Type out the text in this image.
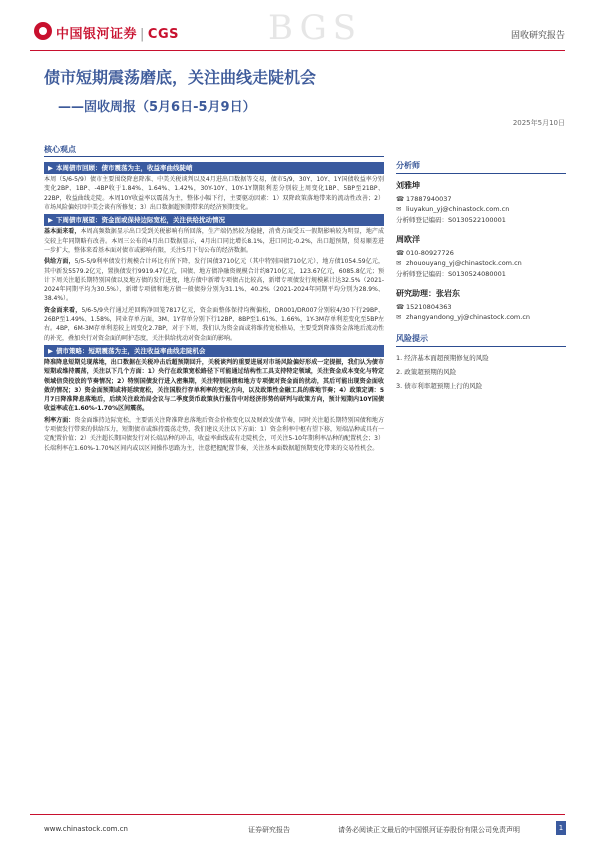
中国银河证券 | CGS	BGS	固收研究报告
债市短期震荡磨底，关注曲线走陡机会
——固收周报（5月6日-5月9日）
2025年5月10日
核心观点
▶ 本周债市回顾：债市震荡为主，收益率曲线陡峭
本周（5/6-5/9）债市主要围绕降息降准、中美关税谈判以及4月进出口数据等交易，债市5/9，30Y、10Y、1Y国债收益率分别变化2BP、1BP、-4BP收于1.84%、1.64%、1.42%，30Y-10Y、10Y-1Y期限利差分别较上周变化1BP、5BP至21BP、22BP，收益曲线走陡。本周10Y收益率以震荡为主，整体小幅下行，主要驱动因素：1）双降政策落地带来的流动性改善；2）市场风险偏好因中美会谈有所修复；3）出口数据超预期带来的经济预期变化。
▶ 下周债市展望：资金面或保持边际宽松，关注供给扰动情况
基本面来看，本周高频数据显示出口受到关税影响有所回落，生产端仍然较为稳健，消费方面受五一假期影响较为明显，地产成交较上年同期略有改善。本周三公布的4月出口数据显示，4月出口同比增长8.1%，进口同比-0.2%，出口超预期，贸易顺差进一步扩大，整体来看基本面对债市或影响有限，关注5月下旬公布的经济数据。
供给方面，5/5-5/9利率债发行规模合计环比有所下降，发行国债3710亿元（其中特别国债710亿元），地方债1054.59亿元，其中新发5579.2亿元，置换债发行9919.47亿元，国债、地方债净融资规模合计约8710亿元，123.67亿元，6085.8亿元；预计下周关注超长期特别国债以及地方债的发行进度，地方债中新增专项债占比较高，新增专项债发行规模累计达32.5%（2021-2024年同期平均为30.5%），新增专项债和地方债一般债券分别为31.1%、40.2%（2021-2024年同期平均分别为28.9%、38.4%）。
资金面来看，5/6-5/9央行通过逆回购净回笼7817亿元，资金面整体保持均衡偏松，DR001/DR007分别较4/30下行29BP、26BP至1.49%、1.58%，同业存单方面，3M、1Y存单分别下行12BP、8BP至1.61%、1.66%，1Y-3M存单利差变化至5BP左右。4BP，6M-3M存单利差较上周变化2.7BP，对于下周，我们认为资金面或将维持宽松格局，主要受到降准资金落地后流动性的补充，叠加央行对资金面的呵护态度，关注供给扰动对资金面的影响。
▶ 债市策略：短期震荡为主，关注收益率曲线走陡机会
降准降息短期兑现落地，出口数据在关税冲击后超预期回升，关税谈判的重要进展对市场风险偏好形成一定提振，我们认为债市短期或维持震荡，关注以下几个方面：1）央行在政策宽松路径下可能通过结构性工具支持特定领域，关注资金成本变化与特定领域信贷投放的节奏情况；2）特别国债发行进入密集期，关注特别国债和地方专项债对资金面的扰动，其后可能出现资金面收敛的情况；3）资金面预期或将延续宽松，关注国股行存单利率的变化方向，以及政策性金融工具的落地节奏；4）政策定调：5月7日降准降息落地后，后续关注政治局会议与二季度货币政策执行报告中对经济形势的研判与政策方向，预计短期内10Y国债收益率或在1.60%-1.70%区间震荡。
利率方面：资金面维持边际宽松，主要需关注降准降息落地后资金价格变化以及财政发债节奏，同时关注超长期特别国债和地方专项债发行带来的供给压力，短期债市或维持震荡走势，我们建议关注以下方面：1）资金利率中枢有望下移，短端品种或具有一定配置价值；2）关注超长期国债发行对长端品种的冲击，收益率曲线或有走陡机会，可关注5-10年期利率品种的配置机会；3）长端利率在1.60%-1.70%区间内或以区间操作思路为主，注意把握配置节奏，关注基本面数据超预期变化带来的交易性机会。
分析师
刘雅坤
☎ 17887940037
✉ liuyakun_yj@chinastock.com.cn
分析师登记编码：S0130522100001
周欧洋
☎ 010-80927726
✉ zhououyang_yj@chinastock.com.cn
分析师登记编码：S0130524080001
研究助理：张岩东
☎ 15210804363
✉ zhangyandong_yj@chinastock.com.cn
风险提示
1. 经济基本面超预期修复的风险
2. 政策超预期的风险
3. 债市利率超预期上行的风险
www.chinastock.com.cn	证券研究报告	请务必阅读正文最后的中国银河证券股份有限公司免责声明	1
